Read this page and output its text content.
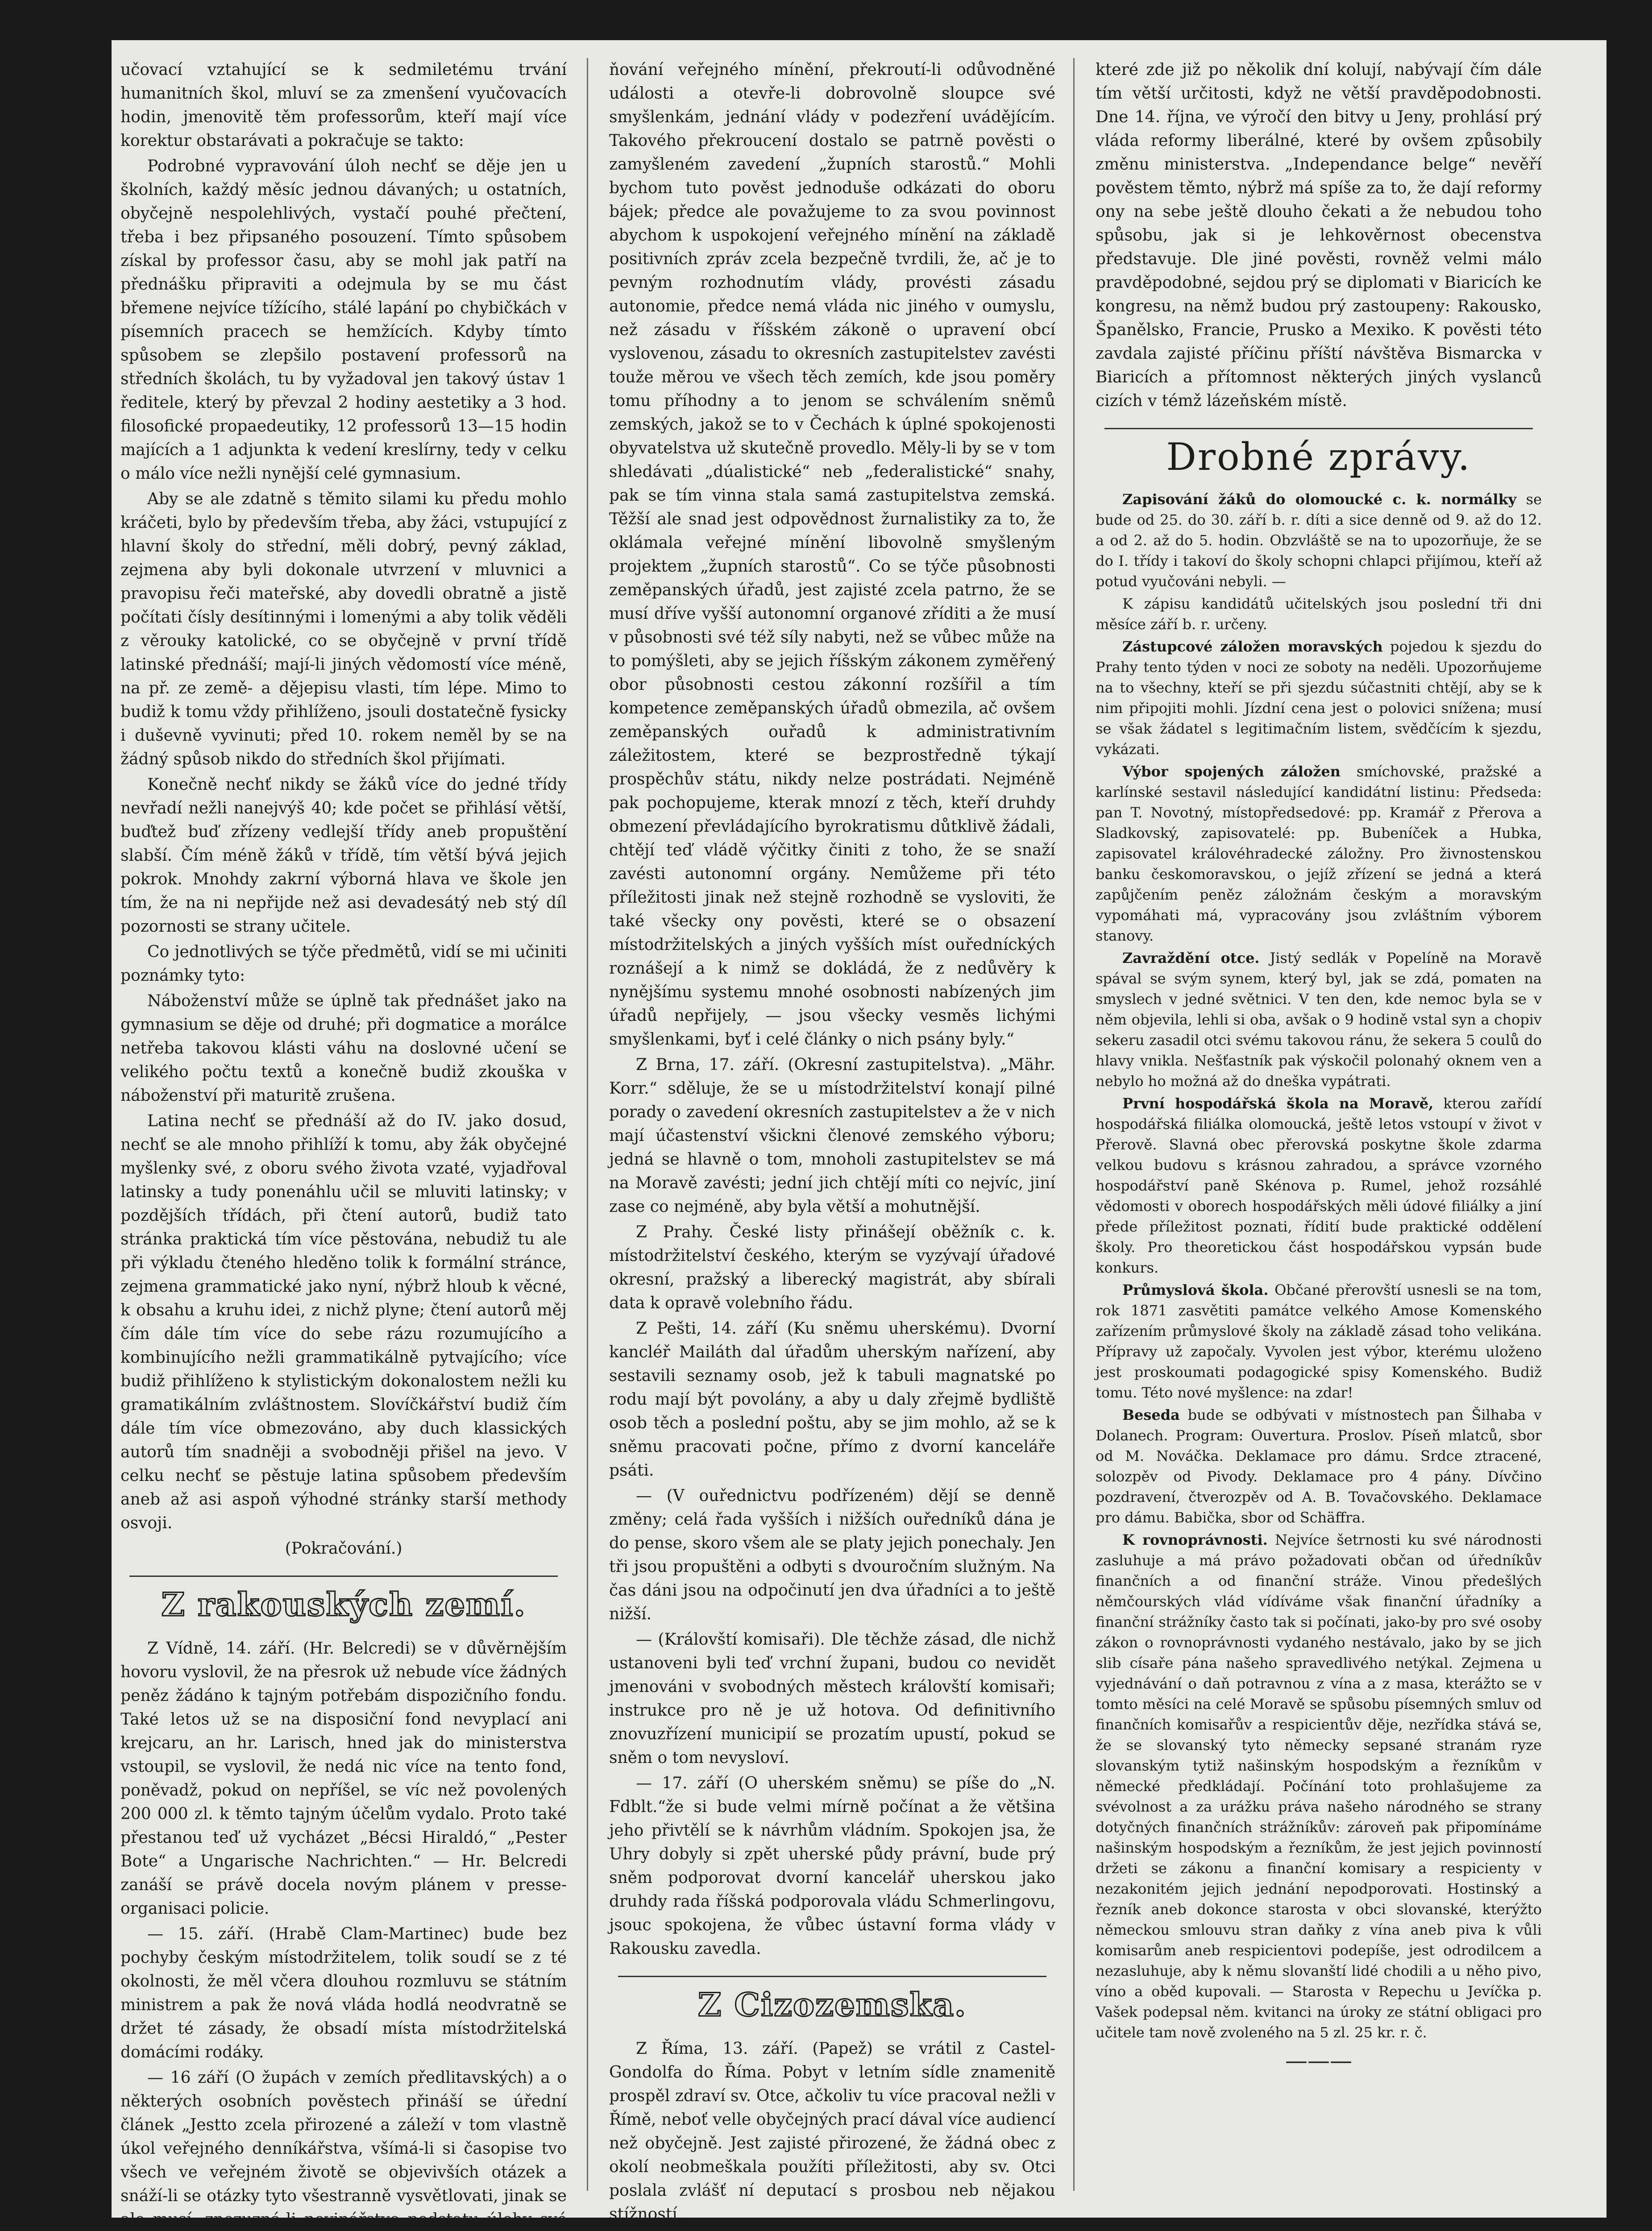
učovací vztahující se k sedmiletému trvání humanitních škol, mluví se za zmenšení vyučovacích hodin, jmenovitě těm professorům, kteří mají více korektur obstarávati a pokračuje se takto:

Podrobné vypravování úloh nechť se děje jen u školních, každý měsíc jednou dávaných; u ostatních, obyčejně nespolehlivých, vystačí pouhé přečtení, třeba i bez připsaného posouzení. Tímto spůsobem získal by professor času, aby se mohl jak patří na přednášku připraviti a odejmula by se mu část břemene nejvíce tížícího, stálé lapání po chybičkách v písemních pracech se hemžících. Kdyby tímto spůsobem se zlepšilo postavení professorů na středních školách, tu by vyžadoval jen takový ústav 1 ředitele, který by převzal 2 hodiny aestetiky a 3 hod. filosofické propaedeutiky, 12 professorů 13—15 hodin majících a 1 adjunkta k vedení kreslírny, tedy v celku o málo více nežli nynější celé gymnasium.

Aby se ale zdatně s těmito silami ku předu mohlo kráčeti, bylo by především třeba, aby žáci, vstupující z hlavní školy do střední, měli dobrý, pevný základ, zejmena aby byli dokonale utvrzení v mluvnici a pravopisu řeči mateřské, aby dovedli obratně a jistě počítati čísly desítinnými i lomenými a aby tolik věděli z věrouky katolické, co se obyčejně v první třídě latinské přednáší; mají-li jiných vědomostí více méně, na př. ze země- a dějepisu vlasti, tím lépe. Mimo to budiž k tomu vždy přihlíženo, jsouli dostatečně fysicky i duševně vyvinuti; před 10. rokem neměl by se na žádný spůsob nikdo do středních škol přijímati.

Konečně nechť nikdy se žáků více do jedné třídy nevřadí nežli nanejvýš 40; kde počet se přihlásí větší, buďtež buď zřízeny vedlejší třídy aneb propuštění slabší. Čím méně žáků v třídě, tím větší bývá jejich pokrok. Mnohdy zakrní výborná hlava ve škole jen tím, že na ni nepřijde než asi devadesátý neb stý díl pozornosti se strany učitele.

Co jednotlivých se týče předmětů, vidí se mi učiniti poznámky tyto:

Náboženství může se úplně tak přednášet jako na gymnasium se děje od druhé; při dogmatice a morálce netřeba takovou klásti váhu na doslovné učení se velikého počtu textů a konečně budiž zkouška v náboženství při maturitě zrušena.

Latina nechť se přednáší až do IV. jako dosud, nechť se ale mnoho přihlíží k tomu, aby žák obyčejné myšlenky své, z oboru svého života vzaté, vyjadřoval latinsky a tudy ponenáhlu učil se mluviti latinsky; v pozdějších třídách, při čtení autorů, budiž tato stránka praktická tím více pěstována, nebudiž tu ale při výkladu čteného hleděno tolik k formální stránce, zejmena grammatické jako nyní, nýbrž hloub k věcné, k obsahu a kruhu idei, z nichž plyne; čtení autorů měj čím dále tím více do sebe rázu rozumujícího a kombinujícího nežli grammatikálně pytvajícího; více budiž přihlíženo k stylistickým dokonalostem nežli ku gramatikálním zvláštnostem. Slovíčkářství budiž čím dále tím více obmezováno, aby duch klassických autorů tím snadněji a svobodněji přišel na jevo. V celku nechť se pěstuje latina spůsobem především aneb až asi aspoň výhodné stránky starší methody osvoji.

(Pokračování.)

Z rakouských zemí.

Z Vídně, 14. září. (Hr. Belcredi) se v důvěrnějším hovoru vyslovil, že na přesrok už nebude více žádných peněz žádáno k tajným potřebám dispozičního fondu. Také letos už se na disposiční fond nevyplací ani krejcaru, an hr. Larisch, hned jak do ministerstva vstoupil, se vyslovil, že nedá nic více na tento fond, poněvadž, pokud on nepříšel, se víc než povolených 200 000 zl. k těmto tajným účelům vydalo. Proto také přestanou teď už vycházet „Bécsi Hiraldó,“ „Pester Bote“ a Ungarische Nachrichten.“ — Hr. Belcredi zanáší se právě docela novým plánem v presse-organisaci policie.

— 15. září. (Hrabě Clam-Martinec) bude bez pochyby českým místodržitelem, tolik soudí se z té okolnosti, že měl včera dlouhou rozmluvu se státním ministrem a pak že nová vláda hodlá neodvratně se držet té zásady, že obsadí místa místodržitelská domácími rodáky.

— 16 září (O župách v zemích předlitavských) a o některých osobních pověstech přináší se úřední článek „Jestto zcela přirozené a záleží v tom vlastně úkol veřejného denníkářstva, všímá-li si časopise tvo všech ve veřejném životě se objevivších otázek a snáží-li se otázky tyto všestranně vysvětlovati, jinak se ale musí, znezuzná-li novinářstvo podstatu úlohy své

ňování veřejného mínění, překroutí-li odůvodněné události a otevře-li dobrovolně sloupce své smyšlenkám, jednání vlády v podezření uvádějícím. Takového překroucení dostalo se patrně pověsti o zamyšleném zavedení „župních starostů.“ Mohli bychom tuto pověst jednoduše odkázati do oboru bájek; předce ale považujeme to za svou povinnost abychom k uspokojení veřejného mínění na základě positivních zpráv zcela bezpečně tvrdili, že, ač je to pevným rozhodnutím vlády, provésti zásadu autonomie, předce nemá vláda nic jiného v oumyslu, než zásadu v říšském zákoně o upravení obcí vyslovenou, zásadu to okresních zastupitelstev zavésti touže měrou ve všech těch zemích, kde jsou poměry tomu příhodny a to jenom se schválením sněmů zemských, jakož se to v Čechách k úplné spokojenosti obyvatelstva už skutečně provedlo. Měly-li by se v tom shledávati „dúalistické“ neb „federalistické“ snahy, pak se tím vinna stala samá zastupitelstva zemská. Těžší ale snad jest odpovědnost žurnalistiky za to, že oklámala veřejné mínění libovolně smyšleným projektem „župních starostů“. Co se týče působnosti zeměpanských úřadů, jest zajisté zcela patrno, že se musí dříve vyšší autonomní organové zříditi a že musí v působnosti své též síly nabyti, než se vůbec může na to pomýšleti, aby se jejich říšským zákonem zyměřený obor působnosti cestou zákonní rozšířil a tím kompetence zeměpanských úřadů obmezila, ač ovšem zeměpanských ouřadů k administrativním záležitostem, které se bezprostředně týkají prospěchův státu, nikdy nelze postrádati. Nejméně pak pochopujeme, kterak mnozí z těch, kteří druhdy obmezení převládajícího byrokratismu důtklivě žádali, chtějí teď vládě výčitky činiti z toho, že se snaží zavésti autonomní orgány. Nemůžeme při této příležitosti jinak než stejně rozhodně se vysloviti, že také všecky ony pověsti, které se o obsazení místodržitelských a jiných vyšších míst ouředníckých roznášejí a k nimž se dokládá, že z nedůvěry k nynějšímu systemu mnohé osobnosti nabízených jim úřadů nepřijely, — jsou všecky vesměs lichými smyšlenkami, byť i celé články o nich psány byly.“

Z Brna, 17. září. (Okresní zastupitelstva). „Mähr. Korr.“ sděluje, že se u místodržitelství konají pilné porady o zavedení okresních zastupitelstev a že v nich mají účastenství všickni členové zemského výboru; jedná se hlavně o tom, mnoholi zastupitelstev se má na Moravě zavésti; jední jich chtějí míti co nejvíc, jiní zase co nejméně, aby byla větší a mohutnější.

Z Prahy. České listy přinášejí oběžník c. k. místodržitelství českého, kterým se vyzývají úřadové okresní, pražský a liberecký magistrát, aby sbírali data k opravě volebního řádu.

Z Pešti, 14. září (Ku sněmu uherskému). Dvorní kancléř Mailáth dal úřadům uherským nařízení, aby sestavili seznamy osob, jež k tabuli magnatské po rodu mají být povolány, a aby u daly zřejmě bydliště osob těch a poslední poštu, aby se jim mohlo, až se k sněmu pracovati počne, přímo z dvorní kanceláře psáti.

— (V ouřednictvu podřízeném) dějí se denně změny; celá řada vyšších i nižších ouředníků dána je do pense, skoro všem ale se platy jejich ponechaly. Jen tři jsou propuštěni a odbyti s dvouročním služným. Na čas dáni jsou na odpočinutí jen dva úřadníci a to ještě nižší.

— (Královští komisaři). Dle těchže zásad, dle nichž ustanoveni byli teď vrchní župani, budou co nevidět jmenováni v svobodných městech královští komisaři; instrukce pro ně je už hotova. Od definitivního znovuzřízení municipií se prozatím upustí, pokud se sněm o tom nevysloví.

— 17. září (O uherském sněmu) se píše do „N. Fdblt.“že si bude velmi mírně počínat a že většina jeho přivtělí se k návrhům vládním. Spokojen jsa, že Uhry dobyly si zpět uherské půdy právní, bude prý sněm podporovat dvorní kancelář uherskou jako druhdy rada říšská podporovala vládu Schmerlingovu, jsouc spokojena, že vůbec ústavní forma vlády v Rakousku zavedla.

Z Cizozemska.

Z Říma, 13. září. (Papež) se vrátil z Castel-Gondolfa do Říma. Pobyt v letním sídle znamenitě prospěl zdraví sv. Otce, ačkoliv tu více pracoval nežli v Římě, neboť velle obyčejných prací dával více audiencí než obyčejně. Jest zajisté přirozené, že žádná obec z okolí neobmeškala použíti příležitosti, aby sv. Otci poslala zvlášť ní deputací s prosbou neb nějakou stížností.

které zde již po několik dní kolují, nabývají čím dále tím větší určitosti, když ne větší pravděpodobnosti. Dne 14. října, ve výročí den bitvy u Jeny, prohlásí prý vláda reformy liberálné, které by ovšem způsobily změnu ministerstva. „Independance belge“ nevěří pověstem těmto, nýbrž má spíše za to, že dají reformy ony na sebe ještě dlouho čekati a že nebudou toho spůsobu, jak si je lehkověrnost obecenstva představuje. Dle jiné pověsti, rovněž velmi málo pravděpodobné, sejdou prý se diplomati v Biaricích ke kongresu, na němž budou prý zastoupeny: Rakousko, Španělsko, Francie, Prusko a Mexiko. K pověsti této zavdala zajisté příčinu příští návštěva Bismarcka v Biaricích a přítomnost některých jiných vyslanců cizích v témž lázeňském místě.

Drobné zprávy.

Zapisování žáků do olomoucké c. k. normálky se bude od 25. do 30. září b. r. díti a sice denně od 9. až do 12. a od 2. až do 5. hodin. Obzvláště se na to upozorňuje, že se do I. třídy i takoví do školy schopni chlapci přijímou, kteří až potud vyučováni nebyli. —

K zápisu kandidátů učitelských jsou poslední tři dni měsíce září b. r. určeny.

Zástupcové záložen moravských pojedou k sjezdu do Prahy tento týden v noci ze soboty na neděli. Upozorňujeme na to všechny, kteří se při sjezdu súčastniti chtějí, aby se k nim připojiti mohli. Jízdní cena jest o polovici snížena; musí se však žádatel s legitimačním listem, svědčícím k sjezdu, vykázati.

Výbor spojených záložen smíchovské, pražské a karlínské sestavil následující kandidátní listinu: Předseda: pan T. Novotný, místopředsedové: pp. Kramář z Přerova a Sladkovský, zapisovatelé: pp. Bubeníček a Hubka, zapisovatel královéhradecké záložny. Pro živnostenskou banku českomoravskou, o jejíž zřízení se jedná a která zapůjčením peněz záložnám českým a moravským vypomáhati má, vypracovány jsou zvláštním výborem stanovy.

Zavraždění otce. Jistý sedlák v Popelíně na Moravě spával se svým synem, který byl, jak se zdá, pomaten na smyslech v jedné světnici. V ten den, kde nemoc byla se v něm objevila, lehli si oba, avšak o 9 hodině vstal syn a chopiv sekeru zasadil otci svému takovou ránu, že sekera 5 coulů do hlavy vnikla. Nešťastník pak výskočil polonahý oknem ven a nebylo ho možná až do dneška vypátrati.

První hospodářská škola na Moravě, kterou zařídí hospodářská filiálka olomoucká, ještě letos vstoupí v život v Přerově. Slavná obec přerovská poskytne škole zdarma velkou budovu s krásnou zahradou, a správce vzorného hospodářství paně Skénova p. Rumel, jehož rozsáhlé vědomosti v oborech hospodářských měli údové filiálky a jiní přede příležitost poznati, řídití bude praktické oddělení školy. Pro theoretickou část hospodářskou vypsán bude konkurs.

Průmyslová škola. Občané přerovští usnesli se na tom, rok 1871 zasvětiti památce velkého Amose Komenského zařízením průmyslové školy na základě zásad toho velikána. Přípravy už započaly. Vyvolen jest výbor, kterému uloženo jest proskoumati podagogické spisy Komenského. Budiž tomu. Této nové myšlence: na zdar!

Beseda bude se odbývati v místnostech pan Šilhaba v Dolanech. Program: Ouvertura. Proslov. Píseň mlatců, sbor od M. Nováčka. Deklamace pro dámu. Srdce ztracené, solozpěv od Pivody. Deklamace pro 4 pány. Dívčino pozdravení, čtverozpěv od A. B. Tovačovského. Deklamace pro dámu. Babička, sbor od Schäffra.

K rovnoprávnosti. Nejvíce šetrnosti ku své národnosti zasluhuje a má právo požadovati občan od úředníkův finančních a od finanční stráže. Vinou předešlých němčourských vlád vídíváme však finanční úřadníky a finanční strážníky často tak si počínati, jako-by pro své osoby zákon o rovnoprávnosti vydaného nestávalo, jako by se jich slib císaře pána našeho spravedlivého netýkal. Zejmena u vyjednávání o daň potravnou z vína a z masa, kterážto se v tomto měsíci na celé Moravě se spůsobu písemných smluv od finančních komisařův a respicientův děje, nezřídka stává se, že se slovanský tyto německy sepsané stranám ryze slovanským tytiž našinským hospodským a řezníkům v německé předkládají. Počínání toto prohlašujeme za svévolnost a za urážku práva našeho národného se strany dotyčných finančních strážníkův: zároveň pak připomínáme našinským hospodským a řezníkům, že jest jejich povinností držeti se zákonu a finanční komisary a respicienty v nezakonitém jejich jednání nepodporovati. Hostinský a řezník aneb dokonce starosta v obci slovanské, kterýžto německou smlouvu stran daňky z vína aneb piva k vůli komisarům aneb respicientovi podepíše, jest odrodilcem a nezasluhuje, aby k němu slovanští lidé chodili a u něho pivo, víno a oběd kupovali. — Starosta v Repechu u Jevíčka p. Vašek podepsal něm. kvitanci na úroky ze státní obligaci pro učitele tam nově zvoleného na 5 zl. 25 kr. r. č.

———
